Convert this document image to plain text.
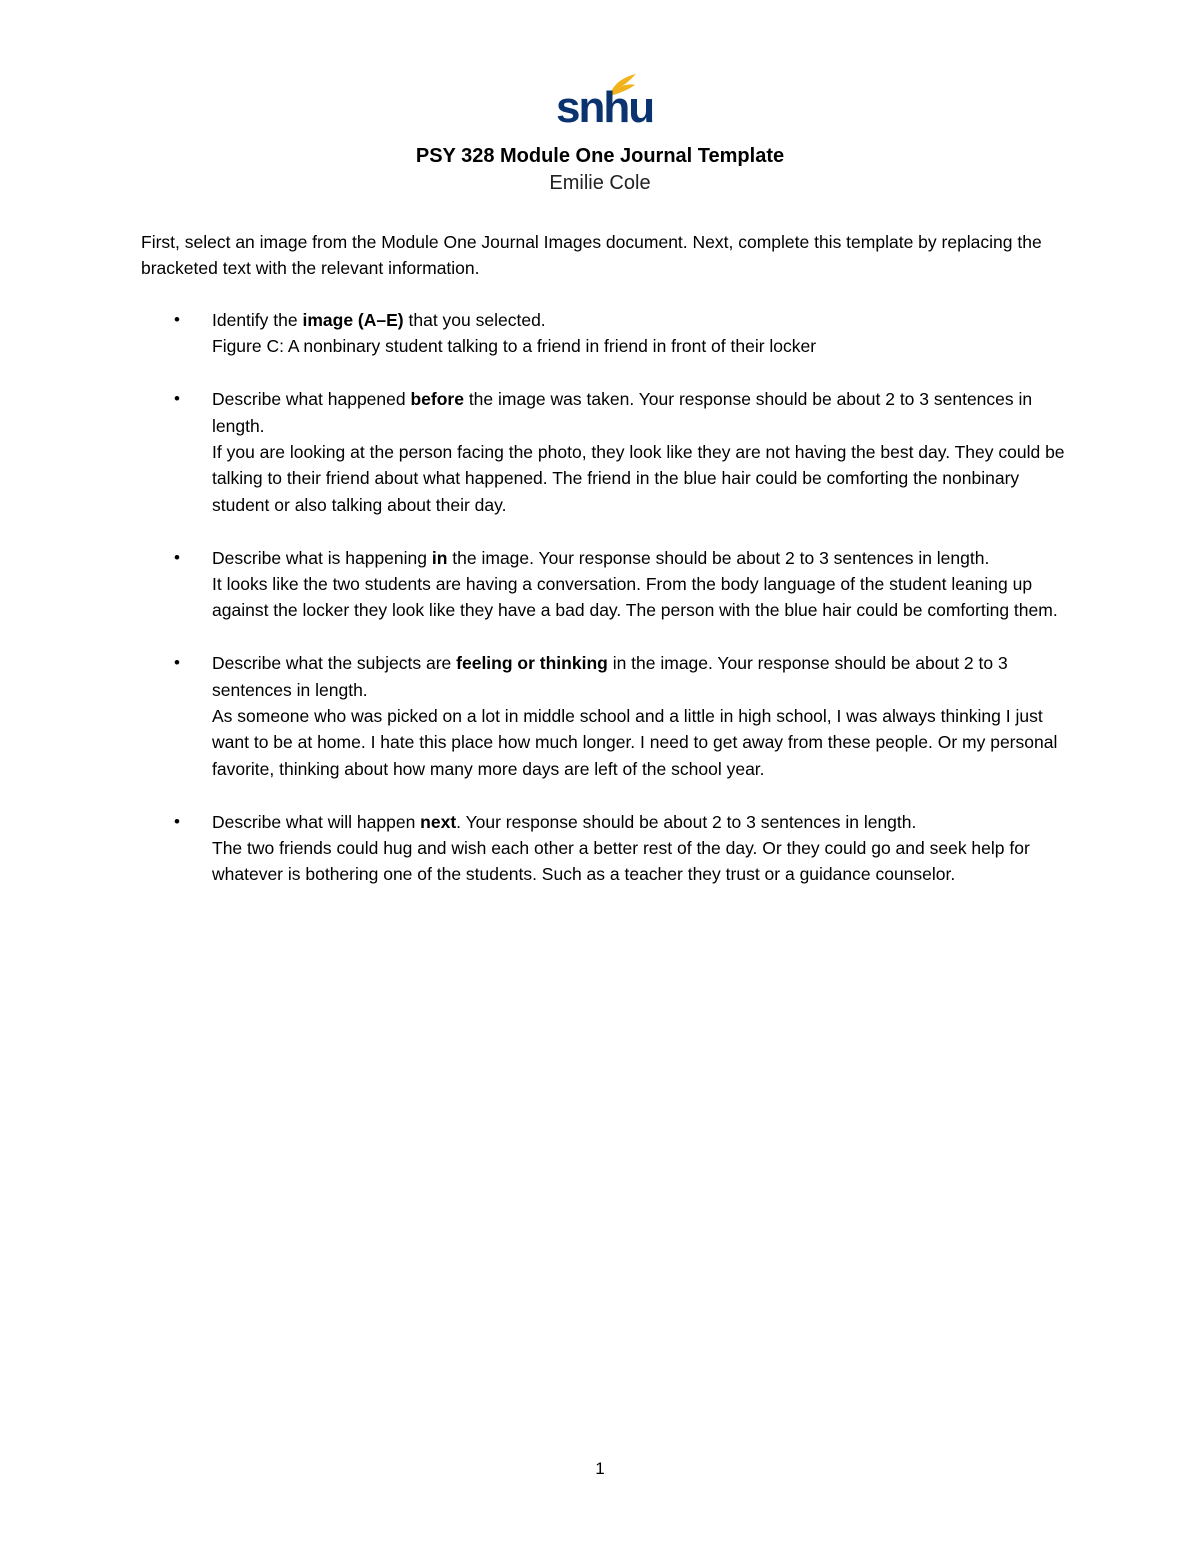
snhu
PSY 328 Module One Journal Template
Emilie Cole
First, select an image from the Module One Journal Images document. Next, complete this template by replacing the bracketed text with the relevant information.
• Identify the image (A–E) that you selected.
Figure C: A nonbinary student talking to a friend in friend in front of their locker
• Describe what happened before the image was taken. Your response should be about 2 to 3 sentences in length.
If you are looking at the person facing the photo, they look like they are not having the best day. They could be talking to their friend about what happened. The friend in the blue hair could be comforting the nonbinary student or also talking about their day.
• Describe what is happening in the image. Your response should be about 2 to 3 sentences in length.
It looks like the two students are having a conversation. From the body language of the student leaning up against the locker they look like they have a bad day. The person with the blue hair could be comforting them.
• Describe what the subjects are feeling or thinking in the image. Your response should be about 2 to 3 sentences in length.
As someone who was picked on a lot in middle school and a little in high school, I was always thinking I just want to be at home. I hate this place how much longer. I need to get away from these people. Or my personal favorite, thinking about how many more days are left of the school year.
• Describe what will happen next. Your response should be about 2 to 3 sentences in length.
The two friends could hug and wish each other a better rest of the day. Or they could go and seek help for whatever is bothering one of the students. Such as a teacher they trust or a guidance counselor.
1
